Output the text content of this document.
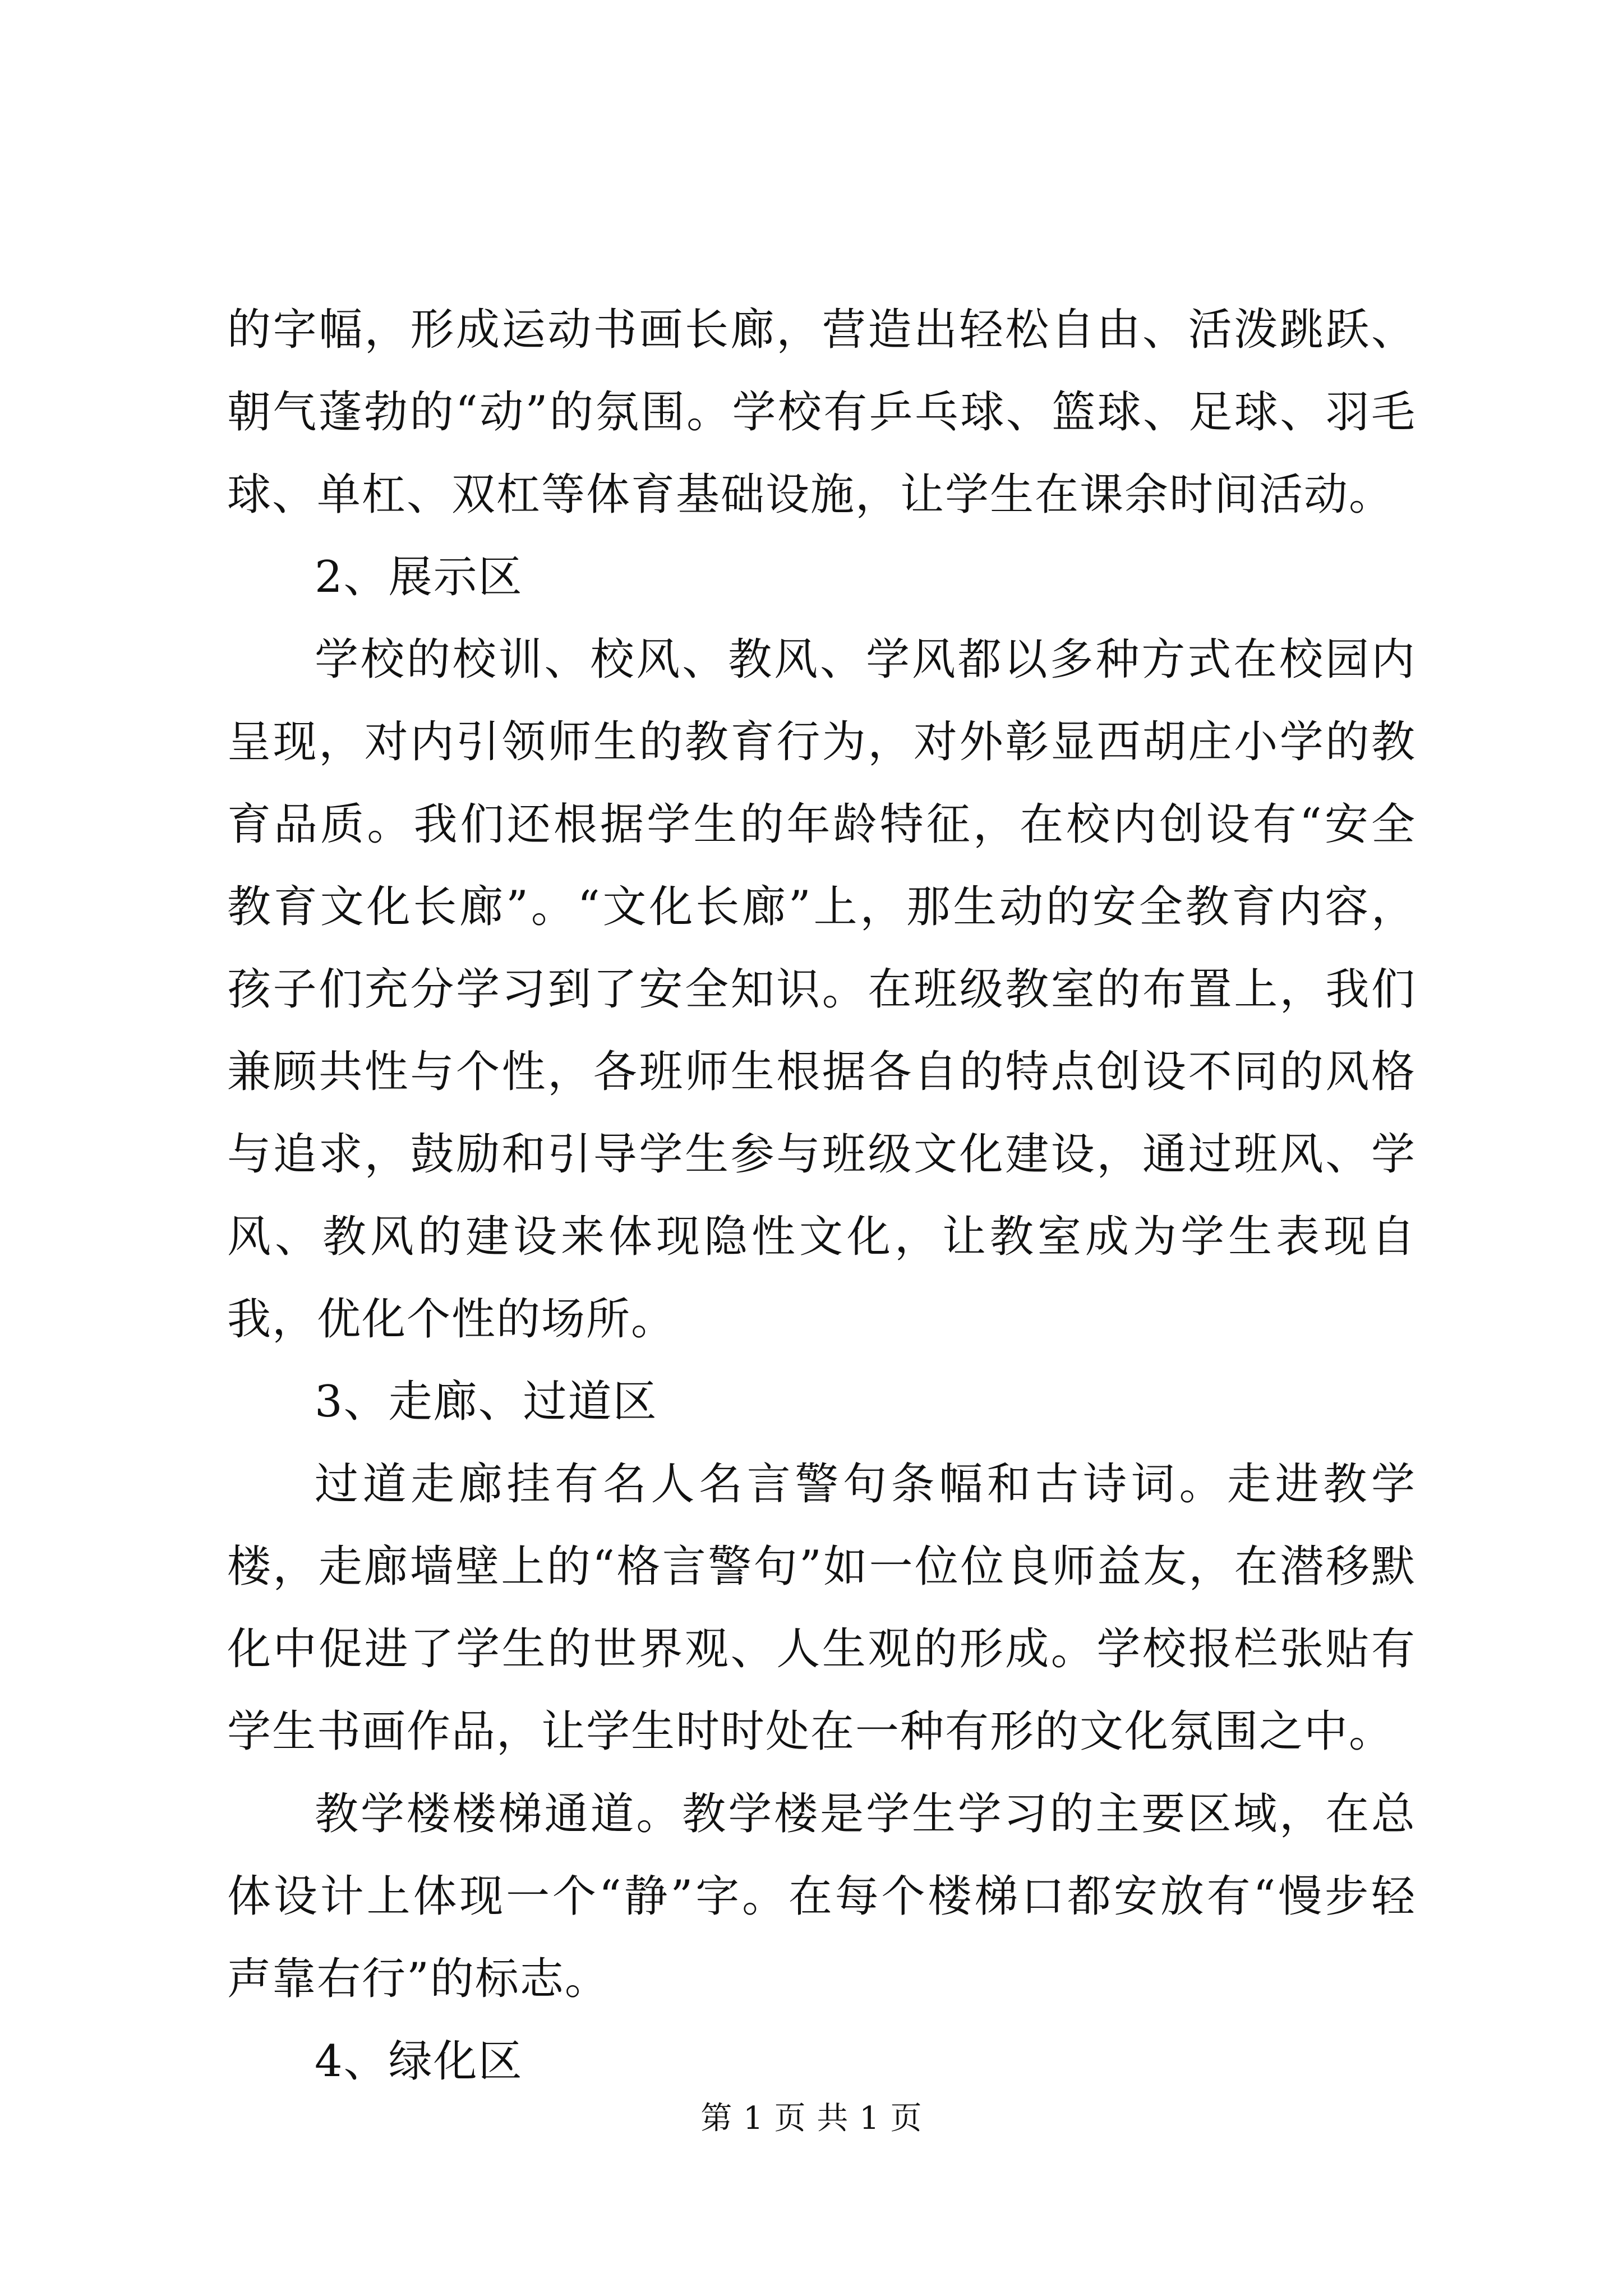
的字幅，形成运动书画长廊，营造出轻松自由、活泼跳跃、朝气蓬勃的“动”的氛围。学校有乒乓球、篮球、足球、羽毛球、单杠、双杠等体育基础设施，让学生在课余时间活动。

2、展示区

学校的校训、校风、教风、学风都以多种方式在校园内呈现，对内引领师生的教育行为，对外彰显西胡庄小学的教育品质。我们还根据学生的年龄特征，在校内创设有“安全教育文化长廊”。“文化长廊”上，那生动的安全教育内容，孩子们充分学习到了安全知识。在班级教室的布置上，我们兼顾共性与个性，各班师生根据各自的特点创设不同的风格与追求，鼓励和引导学生参与班级文化建设，通过班风、学风、教风的建设来体现隐性文化，让教室成为学生表现自我，优化个性的场所。

3、走廊、过道区

过道走廊挂有名人名言警句条幅和古诗词。走进教学楼，走廊墙壁上的“格言警句”如一位位良师益友，在潜移默化中促进了学生的世界观、人生观的形成。学校报栏张贴有学生书画作品，让学生时时处在一种有形的文化氛围之中。

教学楼楼梯通道。教学楼是学生学习的主要区域，在总体设计上体现一个“静”字。在每个楼梯口都安放有“慢步轻声靠右行”的标志。

4、绿化区

第 1 页 共 1 页
